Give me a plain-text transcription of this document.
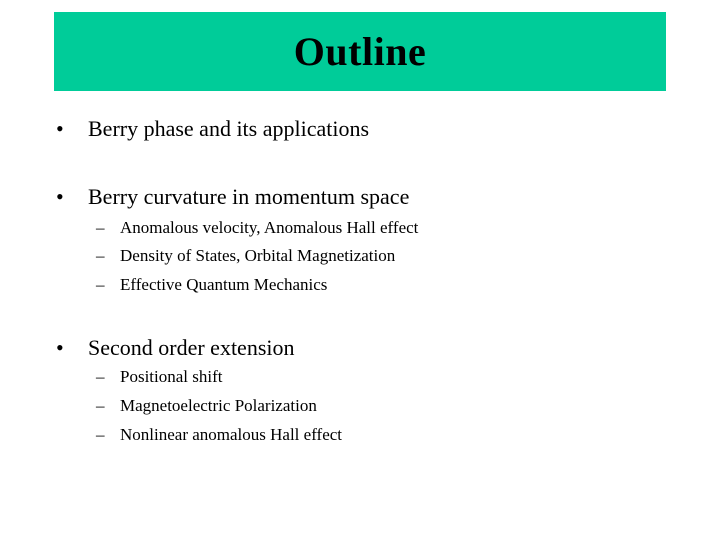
Outline
• Berry phase and its applications
• Berry curvature in momentum space
– Anomalous velocity, Anomalous Hall effect
– Density of States, Orbital Magnetization
– Effective Quantum Mechanics
• Second order extension
– Positional shift
– Magnetoelectric Polarization
– Nonlinear anomalous Hall effect
